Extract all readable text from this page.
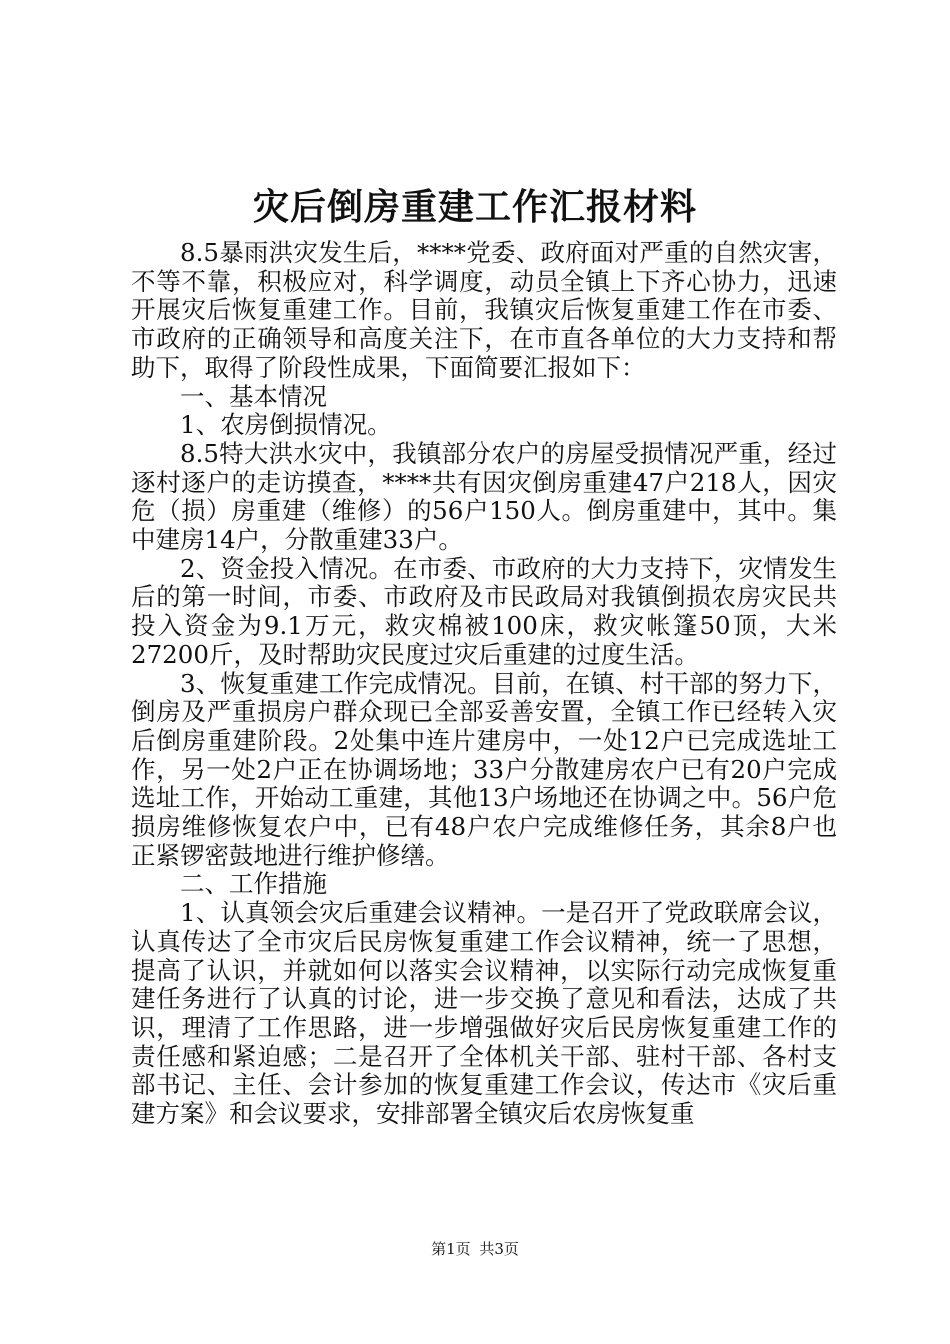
灾后倒房重建工作汇报材料

8.5暴雨洪灾发生后，****党委、政府面对严重的自然灾害，不等不靠，积极应对，科学调度，动员全镇上下齐心协力，迅速开展灾后恢复重建工作。目前，我镇灾后恢复重建工作在市委、市政府的正确领导和高度关注下，在市直各单位的大力支持和帮助下，取得了阶段性成果，下面简要汇报如下：

一、基本情况

1、农房倒损情况。

8.5特大洪水灾中，我镇部分农户的房屋受损情况严重，经过逐村逐户的走访摸查，****共有因灾倒房重建47户218人，因灾危（损）房重建（维修）的56户150人。倒房重建中，其中。集中建房14户，分散重建33户。

2、资金投入情况。在市委、市政府的大力支持下，灾情发生后的第一时间，市委、市政府及市民政局对我镇倒损农房灾民共投入资金为9.1万元，救灾棉被100床，救灾帐篷50顶，大米27200斤，及时帮助灾民度过灾后重建的过度生活。

3、恢复重建工作完成情况。目前，在镇、村干部的努力下，倒房及严重损房户群众现已全部妥善安置，全镇工作已经转入灾后倒房重建阶段。2处集中连片建房中，一处12户已完成选址工作，另一处2户正在协调场地；33户分散建房农户已有20户完成选址工作，开始动工重建，其他13户场地还在协调之中。56户危损房维修恢复农户中，已有48户农户完成维修任务，其余8户也正紧锣密鼓地进行维护修缮。

二、工作措施

1、认真领会灾后重建会议精神。一是召开了党政联席会议，认真传达了全市灾后民房恢复重建工作会议精神，统一了思想，提高了认识，并就如何以落实会议精神，以实际行动完成恢复重建任务进行了认真的讨论，进一步交换了意见和看法，达成了共识，理清了工作思路，进一步增强做好灾后民房恢复重建工作的责任感和紧迫感；二是召开了全体机关干部、驻村干部、各村支部书记、主任、会计参加的恢复重建工作会议，传达市《灾后重建方案》和会议要求，安排部署全镇灾后农房恢复重

第1页 共3页
